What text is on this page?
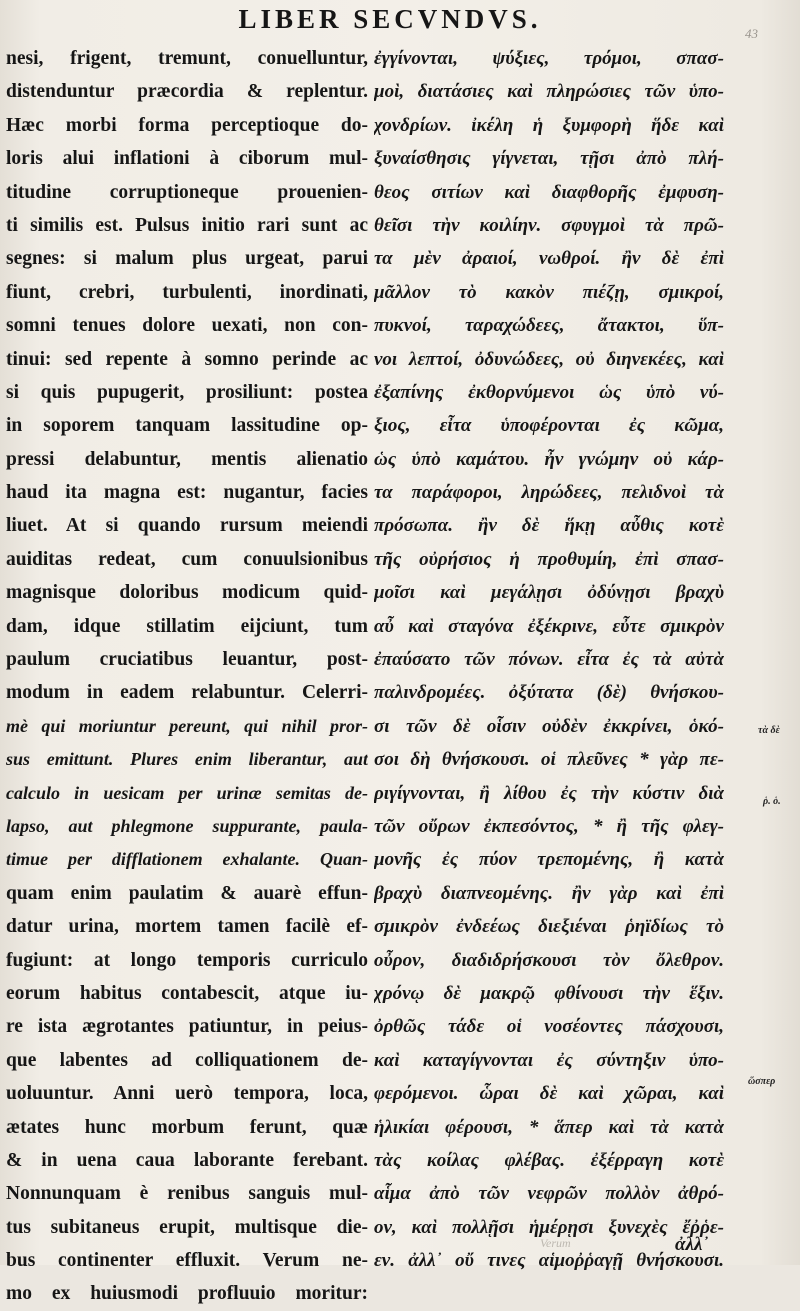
LIBER SECVNDVS.	43
nesi, frigent, tremunt, conuelluntur,
distenduntur præcordia & replentur.
Hæc morbi forma perceptioque do-
loris alui inflationi à ciborum mul-
titudine corruptioneque prouenien-
ti similis est. Pulsus initio rari sunt ac
segnes: si malum plus urgeat, parui
fiunt, crebri, turbulenti, inordinati,
somni tenues dolore uexati, non con-
tinui: sed repente à somno perinde ac
si quis pupugerit, prosiliunt: postea
in soporem tanquam lassitudine op-
pressi delabuntur, mentis alienatio
haud ita magna est: nugantur, facies
liuet. At si quando rursum meiendi
auiditas redeat, cum conuulsionibus
magnisque doloribus modicum quid-
dam, idque stillatim eijciunt, tum
paulum cruciatibus leuantur, post-
modum in eadem relabuntur. Celerri-
mè qui moriuntur pereunt, qui nihil pror-
sus emittunt. Plures enim liberantur, aut
calculo in uesicam per urinæ semitas de-
lapso, aut phlegmone suppurante, paula-
timue per difflationem exhalante. Quan-
quam enim paulatim & auarè effun-
datur urina, mortem tamen facilè ef-
fugiunt: at longo temporis curriculo
eorum habitus contabescit, atque iu-
re ista ægrotantes patiuntur, in peius-
que labentes ad colliquationem de-
uoluuntur. Anni uerò tempora, loca,
ætates hunc morbum ferunt, quæ
& in uena caua laborante ferebant.
Nonnunquam è renibus sanguis mul-
tus subitaneus erupit, multisque die-
bus continenter effluxit. Verum ne-
mo ex huiusmodi profluuio moritur:
ἐγγίνονται, ψύξιες, τρόμοι, σπασ-
μοὶ, διατάσιες καὶ πληρώσιες τῶν ὑπο-
χονδρίων. ἰκέλη ἡ ξυμφορὴ ἥδε καὶ
ξυναίσθησις γίγνεται, τῇσι ἀπὸ πλή-
θεος σιτίων καὶ διαφθορῆς ἐμφυση-
θεῖσι τὴν κοιλίην. σφυγμοὶ τὰ πρῶ-
τα μὲν ἀραιοί, νωθροί. ἢν δὲ ἐπὶ
μᾶλλον τὸ κακὸν πιέζῃ, σμικροί,
πυκνοί, ταραχώδεες, ἄτακτοι, ὕπ-
νοι λεπτοί, ὀδυνώδεες, οὐ διηνεκέες, καὶ
ἐξαπίνης ἐκθορνύμενοι ὡς ὑπὸ νύ-
ξιος, εἶτα ὑποφέρονται ἐς κῶμα,
ὡς ὑπὸ καμάτου. ἦν γνώμην οὐ κάρ-
τα παράφοροι, ληρώδεες, πελιδνοὶ τὰ
πρόσωπα. ἢν δὲ ἥκῃ αὖθις κοτὲ
τῆς οὐρήσιος ἡ προθυμίη, ἐπὶ σπασ-
μοῖσι καὶ μεγάλῃσι ὀδύνῃσι βραχὺ
αὖ καὶ σταγόνα ἐξέκρινε, εὖτε σμικρὸν
ἐπαύσατο τῶν πόνων. εἶτα ἐς τὰ αὐτὰ
παλινδρομέες. ὀξύτατα (δὲ) θνήσκου-
σι τῶν δὲ οἷσιν οὐδὲν ἐκκρίνει, ὁκό-
σοι δὴ θνήσκουσι. οἱ πλεῦνες * γὰρ πε-
ριγίγνονται, ἢ λίθου ἐς τὴν κύστιν διὰ
τῶν οὔρων ἐκπεσόντος, * ἢ τῆς φλεγ-
μονῆς ἐς πύον τρεπομένης, ἢ κατὰ
βραχὺ διαπνεομένης. ἢν γὰρ καὶ ἐπὶ
σμικρὸν ἐνδεέως διεξιέναι ῥηϊδίως τὸ
οὖρον, διαδιδρήσκουσι τὸν ὄλεθρον.
χρόνῳ δὲ μακρῷ φθίνουσι τὴν ἕξιν.
ὀρθῶς τάδε οἱ νοσέοντες πάσχουσι,
καὶ καταγίγνονται ἐς σύντηξιν ὑπο-
φερόμενοι. ὧραι δὲ καὶ χῶραι, καὶ
ἡλικίαι φέρουσι, * ἅπερ καὶ τὰ κατὰ
τὰς κοίλας φλέβας. ἐξέρραγη κοτὲ
αἷμα ἀπὸ τῶν νεφρῶν πολλὸν ἀθρό-
ον, καὶ πολλῇσι ἡμέρῃσι ξυνεχὲς ἔῤῥε-
εν. ἀλλ᾽ οὔ τινες αἱμοῤῥαγῇ θνήσκουσι.
τὰ δὲ
ῥ. ὁ.
ὥσπερ
ἀλλ᾽
Verum
